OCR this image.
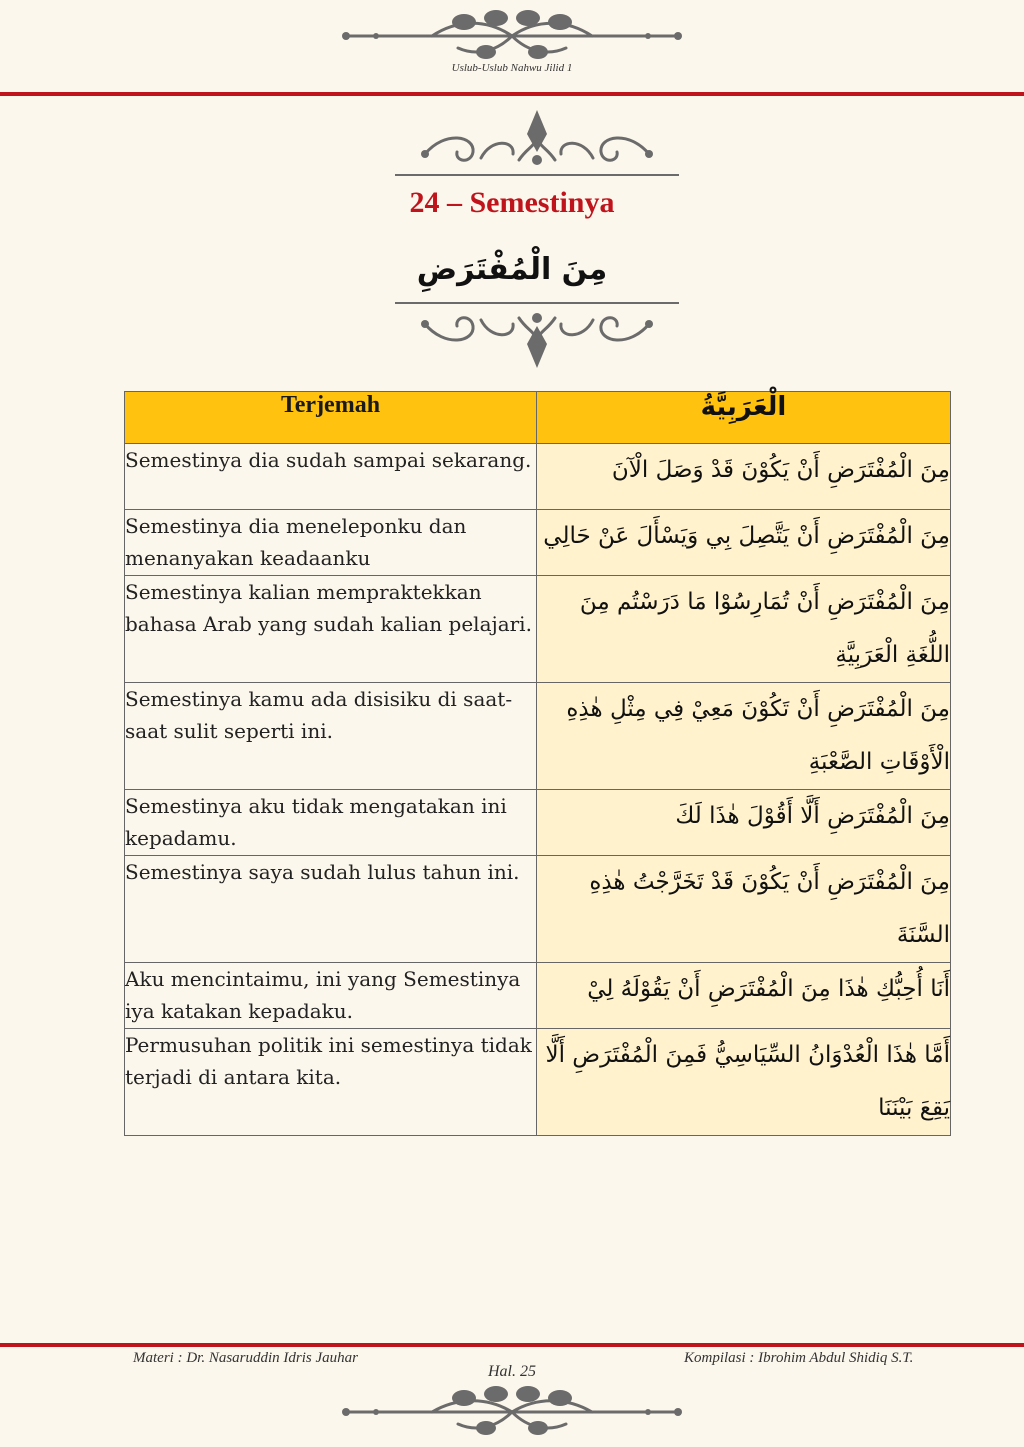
Uslub-Uslub Nahwu Jilid 1
24 – Semestinya
مِنَ الْمُفْتَرَضِ
Terjemah	الْعَرَبِيَّةُ
Semestinya dia sudah sampai sekarang.	مِنَ الْمُفْتَرَضِ أَنْ يَكُوْنَ قَدْ وَصَلَ الْآنَ
Semestinya dia meneleponku dan menanyakan keadaanku	مِنَ الْمُفْتَرَضِ أَنْ يَتَّصِلَ بِي وَيَسْأَلَ عَنْ حَالِي
Semestinya kalian mempraktekkan bahasa Arab yang sudah kalian pelajari.	مِنَ الْمُفْتَرَضِ أَنْ تُمَارِسُوْا مَا دَرَسْتُم مِنَ اللُّغَةِ الْعَرَبِيَّةِ
Semestinya kamu ada disisiku di saat-saat sulit seperti ini.	مِنَ الْمُفْتَرَضِ أَنْ تَكُوْنَ مَعِيْ فِي مِثْلِ هٰذِهِ الْأَوْقَاتِ الصَّعْبَةِ
Semestinya aku tidak mengatakan ini kepadamu.	مِنَ الْمُفْتَرَضِ أَلَّا أَقُوْلَ هٰذَا لَكَ
Semestinya saya sudah lulus tahun ini.	مِنَ الْمُفْتَرَضِ أَنْ يَكُوْنَ قَدْ تَخَرَّجْتُ هٰذِهِ السَّنَةَ
Aku mencintaimu, ini yang Semestinya iya katakan kepadaku.	أَنَا أُحِبُّكِ هٰذَا مِنَ الْمُفْتَرَضِ أَنْ يَقُوْلَهُ لِيْ
Permusuhan politik ini semestinya tidak terjadi di antara kita.	أَمَّا هٰذَا الْعُدْوَانُ السِّيَاسِيُّ فَمِنَ الْمُفْتَرَضِ أَلَّا يَقِعَ بَيْنَنَا
Materi : Dr. Nasaruddin Idris Jauhar	Kompilasi : Ibrohim Abdul Shidiq S.T.
Hal. 25
